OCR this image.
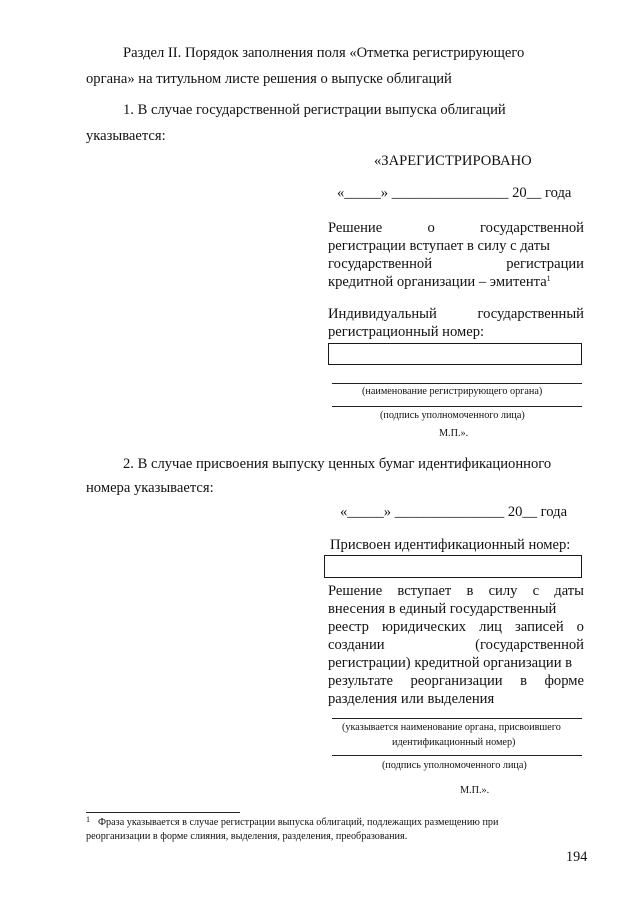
Раздел II. Порядок заполнения поля «Отметка регистрирующего
органа» на титульном листе решения о выпуске облигаций
1. В случае государственной регистрации выпуска облигаций
указывается:
«ЗАРЕГИСТРИРОВАНО
«_____» ________________ 20__ года
Решение	о	государственной
регистрации вступает в силу с даты
государственной	регистрации
кредитной организации – эмитента$^1$
Индивидуальный	государственный
регистрационный номер:
(наименование регистрирующего органа)
(подпись уполномоченного лица)
М.П.».
2. В случае присвоения выпуску ценных бумаг идентификационного
номера указывается:
«_____» _______________ 20__ года
Присвоен идентификационный номер:
Решение вступает в силу с даты
внесения в единый государственный
реестр юридических лиц записей о
создании	(государственной
регистрации) кредитной организации в
результате реорганизации в форме
разделения или выделения
(указывается наименование органа, присвоившего
идентификационный номер)
(подпись уполномоченного лица)
М.П.».
1 Фраза указывается в случае регистрации выпуска облигаций, подлежащих размещению при
реорганизации в форме слияния, выделения, разделения, преобразования.
194
